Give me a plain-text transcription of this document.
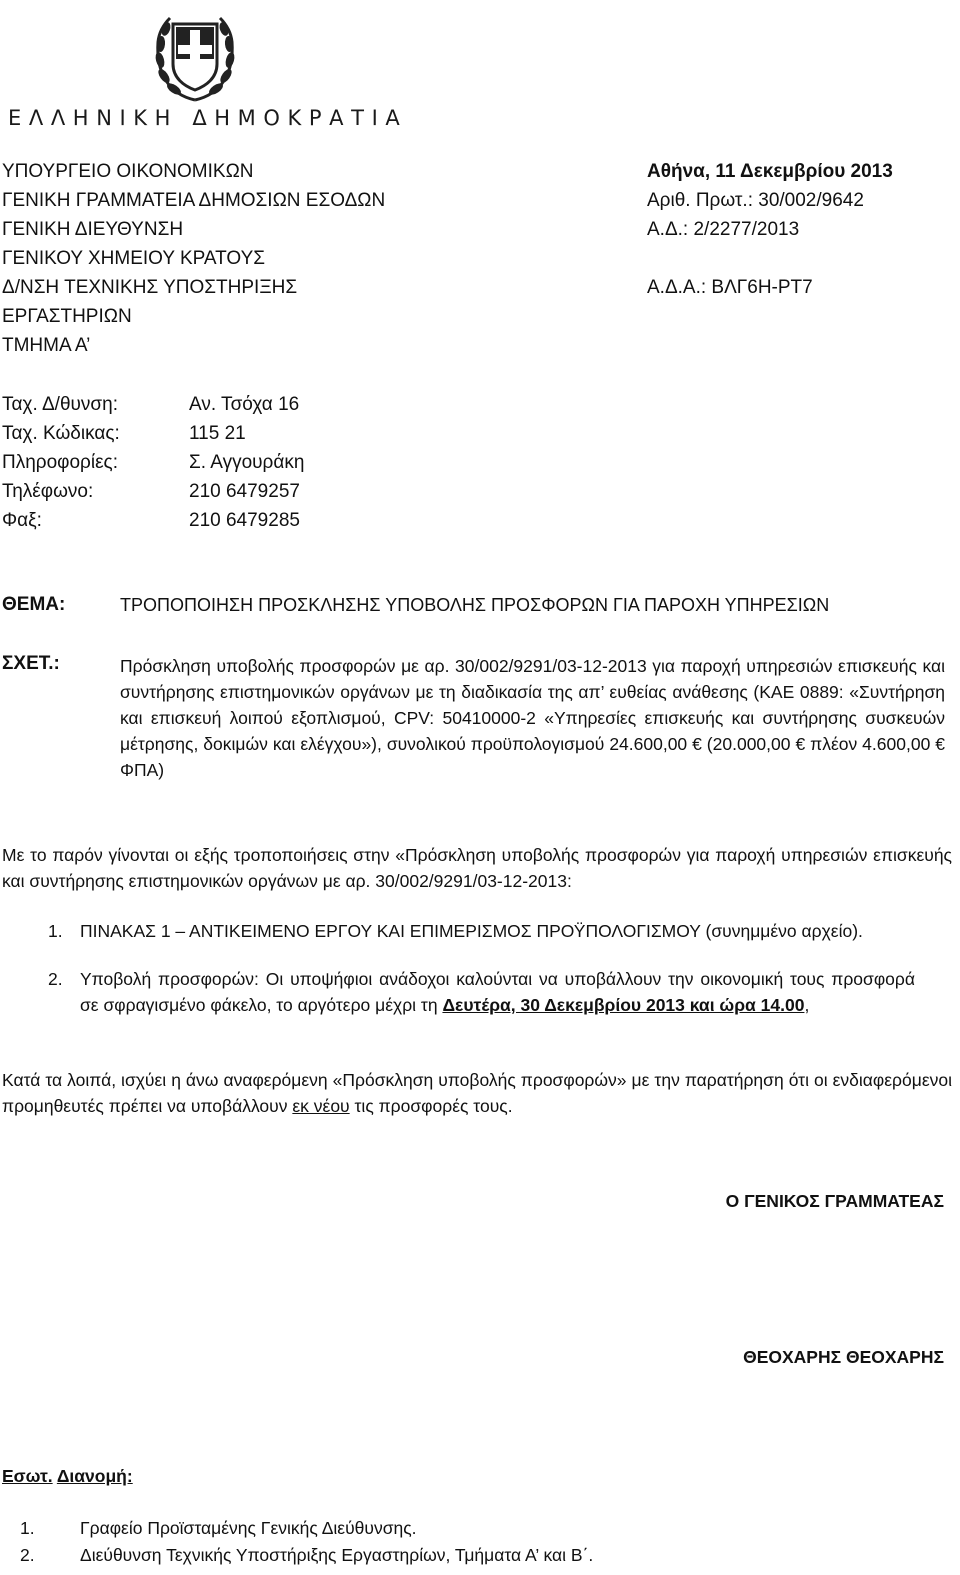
ΕΛΛΗΝΙΚΗ ΔΗΜΟΚΡΑΤΙΑ
ΥΠΟΥΡΓΕΙΟ ΟΙΚΟΝΟΜΙΚΩΝ
ΓΕΝΙΚΗ ΓΡΑΜΜΑΤΕΙΑ ΔΗΜΟΣΙΩΝ ΕΣΟΔΩΝ
ΓΕΝΙΚΗ ΔΙΕΥΘΥΝΣΗ
ΓΕΝΙΚΟΥ ΧΗΜΕΙΟΥ ΚΡΑΤΟΥΣ
Δ/ΝΣΗ ΤΕΧΝΙΚΗΣ ΥΠΟΣΤΗΡΙΞΗΣ
ΕΡΓΑΣΤΗΡΙΩΝ
ΤΜΗΜΑ Α’
Αθήνα, 11 Δεκεμβρίου 2013
Αριθ. Πρωτ.: 30/002/9642
Α.Δ.: 2/2277/2013
Α.Δ.Α.: ΒΛΓ6Η-ΡΤ7
Ταχ. Δ/θυνση:	Αν. Τσόχα 16
Ταχ. Κώδικας:	115 21
Πληροφορίες:	Σ. Αγγουράκη
Τηλέφωνο:	210 6479257
Φαξ:	210 6479285
ΘΕΜΑ:	ΤΡΟΠΟΠΟΙΗΣΗ ΠΡΟΣΚΛΗΣΗΣ ΥΠΟΒΟΛΗΣ ΠΡΟΣΦΟΡΩΝ ΓΙΑ ΠΑΡΟΧΗ ΥΠΗΡΕΣΙΩΝ
ΣΧΕΤ.:	Πρόσκληση υποβολής προσφορών με αρ. 30/002/9291/03-12-2013 για παροχή υπηρεσιών επισκευής και συντήρησης επιστημονικών οργάνων με τη διαδικασία της απ’ ευθείας ανάθεσης (ΚΑΕ 0889: «Συντήρηση και επισκευή λοιπού εξοπλισμού, CPV: 50410000-2 «Υπηρεσίες επισκευής και συντήρησης συσκευών μέτρησης, δοκιμών και ελέγχου»), συνολικού προϋπολογισμού 24.600,00 € (20.000,00 € πλέον 4.600,00 € ΦΠΑ)
Με το παρόν γίνονται οι εξής τροποποιήσεις στην «Πρόσκληση υποβολής προσφορών για παροχή υπηρεσιών επισκευής και συντήρησης επιστημονικών οργάνων με αρ. 30/002/9291/03-12-2013:
1. ΠΙΝΑΚΑΣ 1 – ΑΝΤΙΚΕΙΜΕΝΟ ΕΡΓΟΥ ΚΑΙ ΕΠΙΜΕΡΙΣΜΟΣ ΠΡΟΫΠΟΛΟΓΙΣΜΟΥ (συνημμένο αρχείο).
2. Υποβολή προσφορών: Οι υποψήφιοι ανάδοχοι καλούνται να υποβάλλουν την οικονομική τους προσφορά σε σφραγισμένο φάκελο, το αργότερο μέχρι τη Δευτέρα, 30 Δεκεμβρίου 2013 και ώρα 14.00,
Κατά τα λοιπά, ισχύει η άνω αναφερόμενη «Πρόσκληση υποβολής προσφορών» με την παρατήρηση ότι οι ενδιαφερόμενοι προμηθευτές πρέπει να υποβάλλουν εκ νέου τις προσφορές τους.
Ο ΓΕΝΙΚΟΣ ΓΡΑΜΜΑΤΕΑΣ
ΘΕΟΧΑΡΗΣ ΘΕΟΧΑΡΗΣ
Εσωτ. Διανομή:
1.	Γραφείο Προϊσταμένης Γενικής Διεύθυνσης.
2.	Διεύθυνση Τεχνικής Υποστήριξης Εργαστηρίων, Τμήματα Α’ και Β΄.
